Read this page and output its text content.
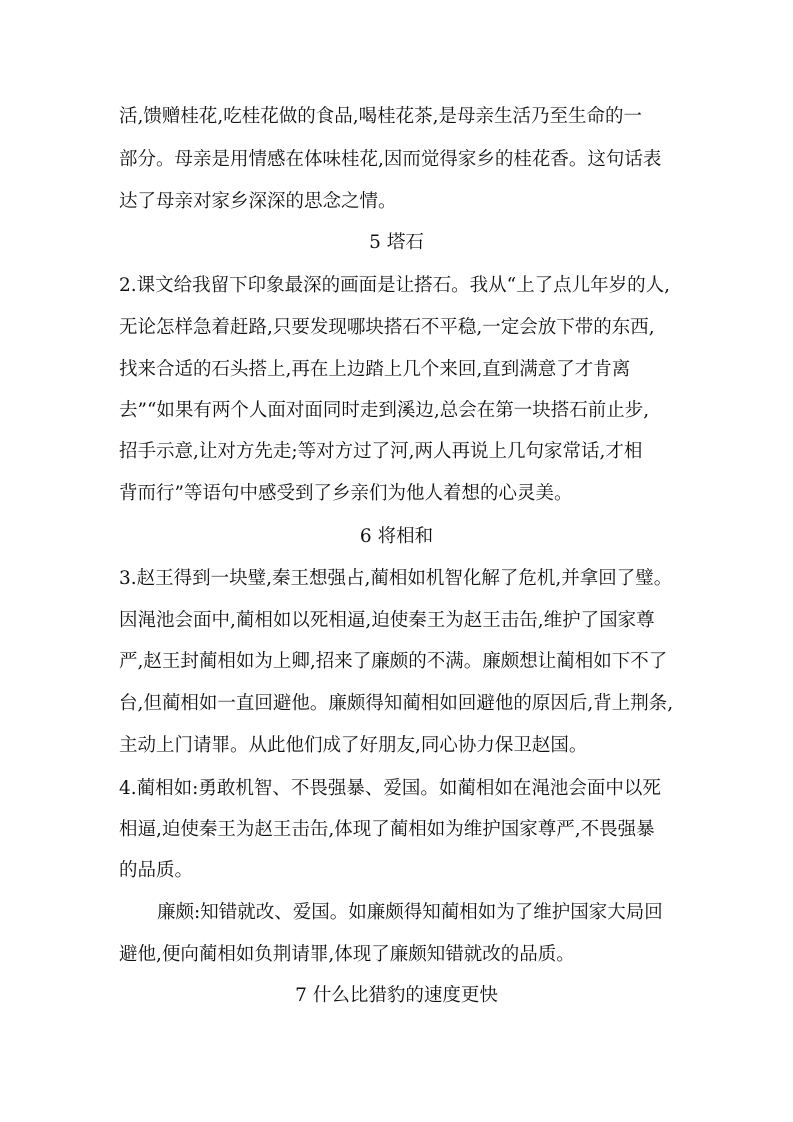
活,馈赠桂花,吃桂花做的食品,喝桂花茶,是母亲生活乃至生命的一
部分。母亲是用情感在体味桂花,因而觉得家乡的桂花香。这句话表
达了母亲对家乡深深的思念之情。
5 塔石
2.课文给我留下印象最深的画面是让搭石。我从“上了点儿年岁的人,
无论怎样急着赶路,只要发现哪块搭石不平稳,一定会放下带的东西,
找来合适的石头搭上,再在上边踏上几个来回,直到满意了才肯离
去”“如果有两个人面对面同时走到溪边,总会在第一块搭石前止步,
招手示意,让对方先走;等对方过了河,两人再说上几句家常话,才相
背而行”等语句中感受到了乡亲们为他人着想的心灵美。
6 将相和
3.赵王得到一块璧,秦王想强占,蔺相如机智化解了危机,并拿回了璧。
因渑池会面中,蔺相如以死相逼,迫使秦王为赵王击缶,维护了国家尊
严,赵王封蔺相如为上卿,招来了廉颇的不满。廉颇想让蔺相如下不了
台,但蔺相如一直回避他。廉颇得知蔺相如回避他的原因后,背上荆条,
主动上门请罪。从此他们成了好朋友,同心协力保卫赵国。
4.蔺相如:勇敢机智、不畏强暴、爱国。如蔺相如在渑池会面中以死
相逼,迫使秦王为赵王击缶,体现了蔺相如为维护国家尊严,不畏强暴
的品质。
廉颇:知错就改、爱国。如廉颇得知蔺相如为了维护国家大局回
避他,便向蔺相如负荆请罪,体现了廉颇知错就改的品质。
7 什么比猎豹的速度更快
